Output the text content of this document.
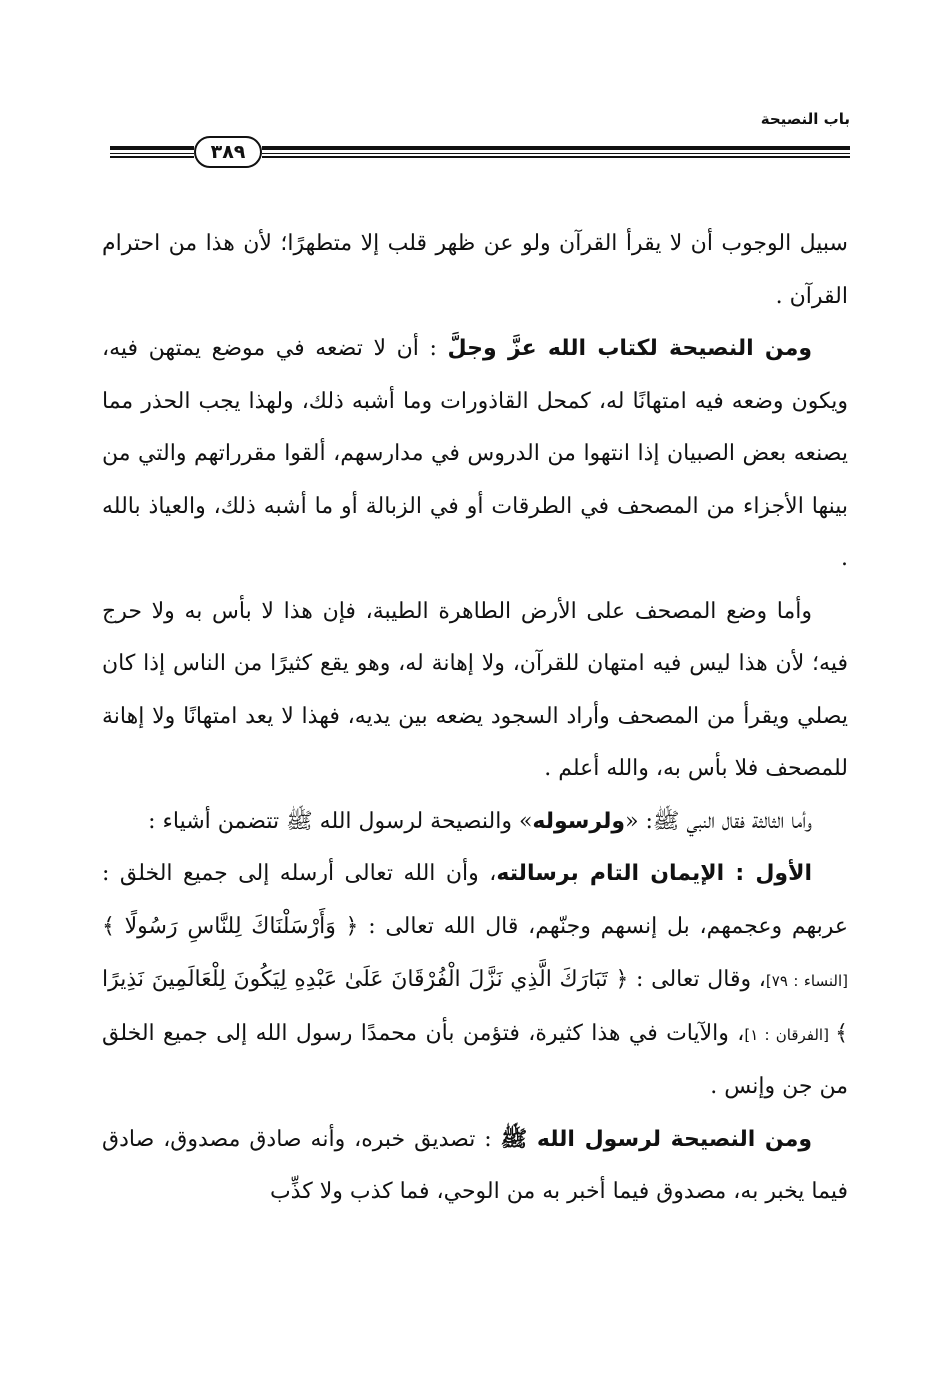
باب النصيحة
٣٨٩

سبيل الوجوب أن لا يقرأ القرآن ولو عن ظهر قلب إلا متطهرًا؛ لأن هذا من احترام القرآن .

ومن النصيحة لكتاب الله عزَّ وجلَّ : أن لا تضعه في موضع يمتهن فيه، ويكون وضعه فيه امتهانًا له، كمحل القاذورات وما أشبه ذلك، ولهذا يجب الحذر مما يصنعه بعض الصبيان إذا انتهوا من الدروس في مدارسهم، ألقوا مقرراتهم والتي من بينها الأجزاء من المصحف في الطرقات أو في الزبالة أو ما أشبه ذلك، والعياذ بالله .

وأما وضع المصحف على الأرض الطاهرة الطيبة، فإن هذا لا بأس به ولا حرج فيه؛ لأن هذا ليس فيه امتهان للقرآن، ولا إهانة له، وهو يقع كثيرًا من الناس إذا كان يصلي ويقرأ من المصحف وأراد السجود يضعه بين يديه، فهذا لا يعد امتهانًا ولا إهانة للمصحف فلا بأس به، والله أعلم .

وأما الثالثة فقال النبي ﷺ: «ولرسوله» والنصيحة لرسول الله ﷺ تتضمن أشياء :

الأول : الإيمان التام برسالته، وأن الله تعالى أرسله إلى جميع الخلق : عربهم وعجمهم، بل إنسهم وجنّهم، قال الله تعالى : ﴿ وَأَرْسَلْنَاكَ لِلنَّاسِ رَسُولًا ﴾ [النساء : ٧٩]، وقال تعالى : ﴿ تَبَارَكَ الَّذِي نَزَّلَ الْفُرْقَانَ عَلَىٰ عَبْدِهِ لِيَكُونَ لِلْعَالَمِينَ نَذِيرًا ﴾ [الفرقان : ١]، والآيات في هذا كثيرة، فتؤمن بأن محمدًا رسول الله إلى جميع الخلق من جن وإنس .

ومن النصيحة لرسول الله ﷺ : تصديق خبره، وأنه صادق مصدوق، صادق فيما يخبر به، مصدوق فيما أخبر به من الوحي، فما كذب ولا كذِّب
